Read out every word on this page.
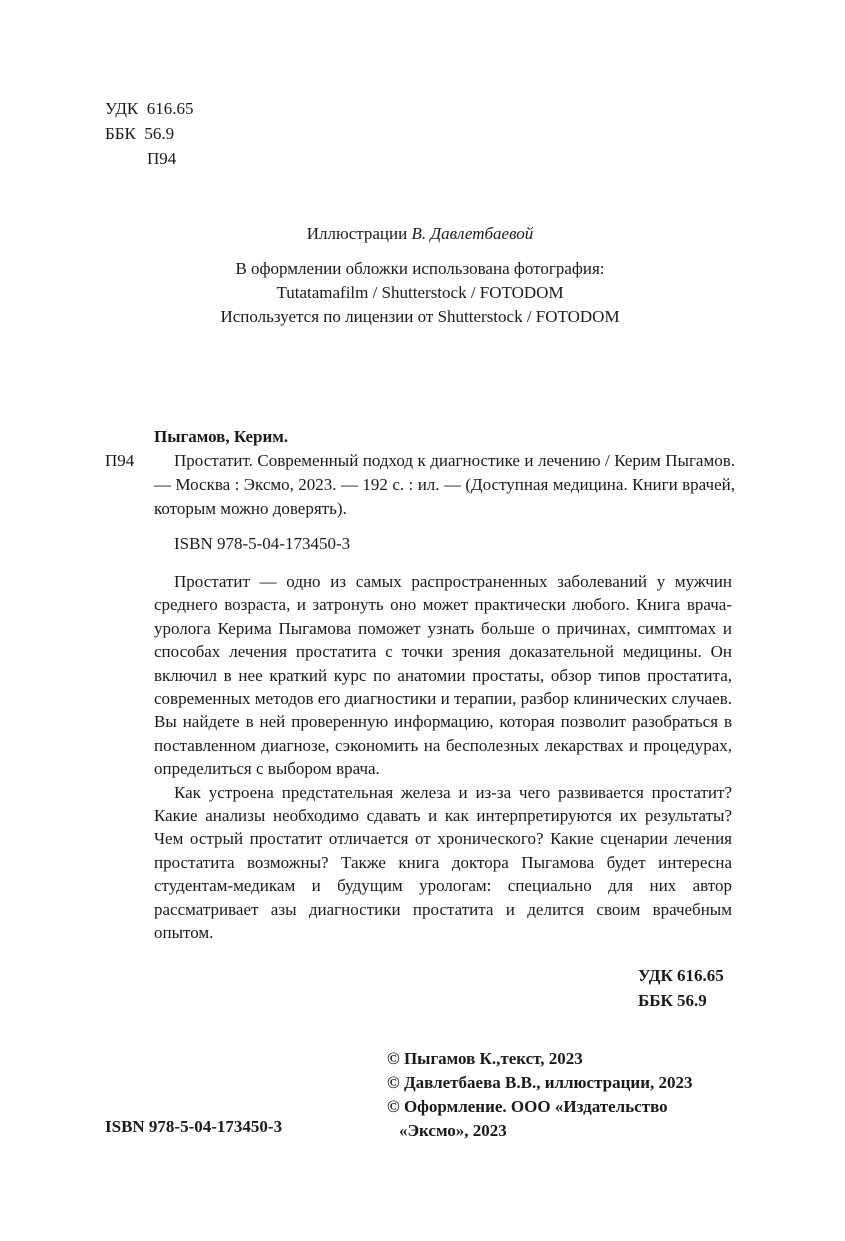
УДК  616.65
ББК  56.9
П94
Иллюстрации В. Давлетбаевой
В оформлении обложки использована фотография:
Tutatamafilm / Shutterstock / FOTODOM
Используется по лицензии от Shutterstock / FOTODOM
Пыгамов, Керим.
П94	Простатит. Современный подход к диагностике и лечению / Керим Пыгамов. — Москва : Эксмо, 2023. — 192 с. : ил. — (Доступная медицина. Книги врачей, которым можно доверять).
ISBN 978-5-04-173450-3

Простатит — одно из самых распространенных заболеваний у мужчин среднего возраста, и затронуть оно может практически любого. Книга врача-уролога Керима Пыгамова поможет узнать больше о причинах, симптомах и способах лечения простатита с точки зрения доказательной медицины. Он включил в нее краткий курс по анатомии простаты, обзор типов простатита, современных методов его диагностики и терапии, разбор клинических случаев. Вы найдете в ней проверенную информацию, которая позволит разобраться в поставленном диагнозе, сэкономить на бесполезных лекарствах и процедурах, определиться с выбором врача.

Как устроена предстательная железа и из-за чего развивается простатит? Какие анализы необходимо сдавать и как интерпретируются их результаты? Чем острый простатит отличается от хронического? Какие сценарии лечения простатита возможны? Также книга доктора Пыгамова будет интересна студентам-медикам и будущим урологам: специально для них автор рассматривает азы диагностики простатита и делится своим врачебным опытом.

УДК 616.65
ББК 56.9
© Пыгамов К.,текст, 2023
© Давлетбаева В.В., иллюстрации, 2023
© Оформление. ООО «Издательство
«Эксмо», 2023
ISBN 978-5-04-173450-3
